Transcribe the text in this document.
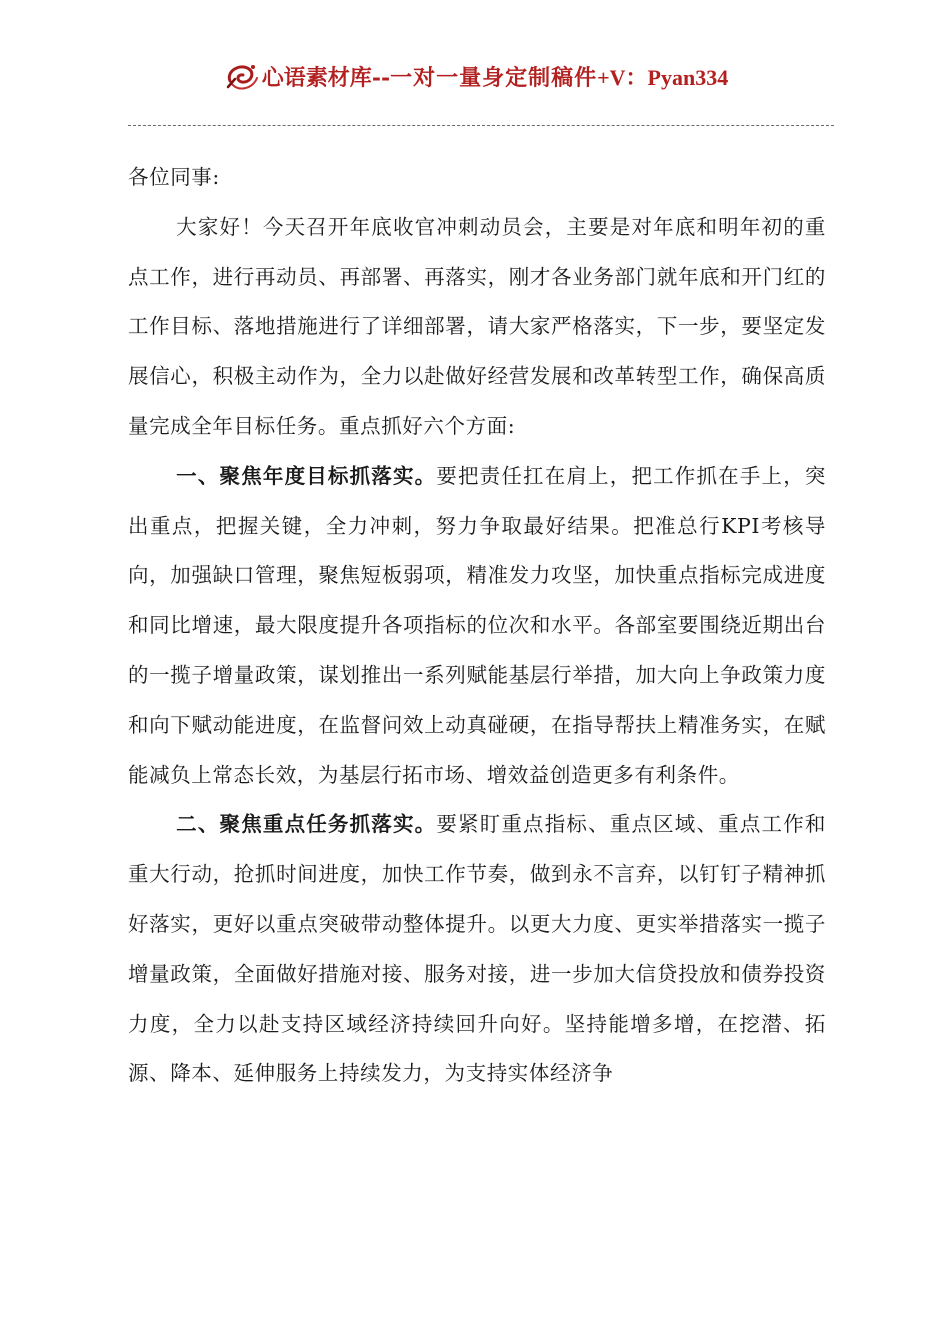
心语素材库--一对一量身定制稿件+V：Pyan334

各位同事:

大家好！今天召开年底收官冲刺动员会，主要是对年底和明年初的重点工作，进行再动员、再部署、再落实，刚才各业务部门就年底和开门红的工作目标、落地措施进行了详细部署，请大家严格落实，下一步，要坚定发展信心，积极主动作为，全力以赴做好经营发展和改革转型工作，确保高质量完成全年目标任务。重点抓好六个方面:

一、聚焦年度目标抓落实。要把责任扛在肩上，把工作抓在手上，突出重点，把握关键，全力冲刺，努力争取最好结果。把准总行KPI考核导向，加强缺口管理，聚焦短板弱项，精准发力攻坚，加快重点指标完成进度和同比增速，最大限度提升各项指标的位次和水平。各部室要围绕近期出台的一揽子增量政策，谋划推出一系列赋能基层行举措，加大向上争政策力度和向下赋动能进度，在监督问效上动真碰硬，在指导帮扶上精准务实，在赋能减负上常态长效，为基层行拓市场、增效益创造更多有利条件。

二、聚焦重点任务抓落实。要紧盯重点指标、重点区域、重点工作和重大行动，抢抓时间进度，加快工作节奏，做到永不言弃，以钉钉子精神抓好落实，更好以重点突破带动整体提升。以更大力度、更实举措落实一揽子增量政策，全面做好措施对接、服务对接，进一步加大信贷投放和债券投资力度，全力以赴支持区域经济持续回升向好。坚持能增多增，在挖潜、拓源、降本、延伸服务上持续发力，为支持实体经济争
